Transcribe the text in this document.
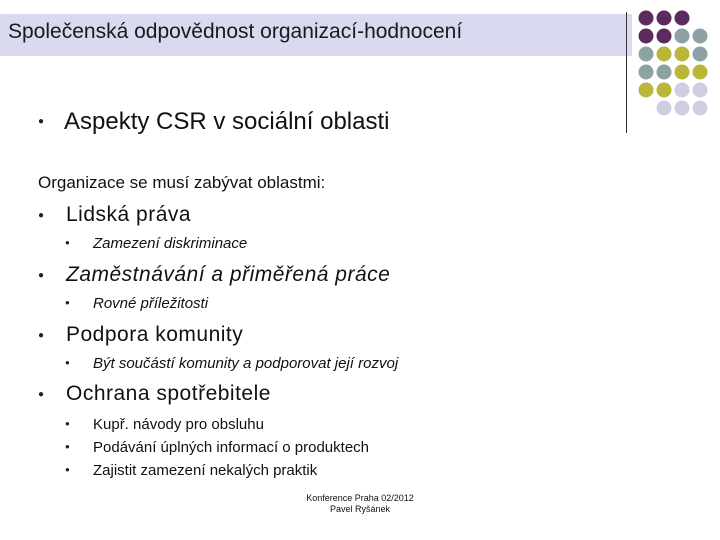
Společenská odpovědnost organizací-hodnocení
● Aspekty CSR v sociální oblasti
Organizace se musí zabývat oblastmi:
● Lidská práva
● Zamezení diskriminace
● Zaměstnávání a přiměřená práce
● Rovné příležitosti
● Podpora komunity
● Být součástí komunity a podporovat její rozvoj
● Ochrana spotřebitele
● Kupř. návody pro obsluhu
● Podávání úplných informací o produktech
● Zajistit zamezení nekalých praktik
Konference Praha 02/2012
Pavel Ryšánek
